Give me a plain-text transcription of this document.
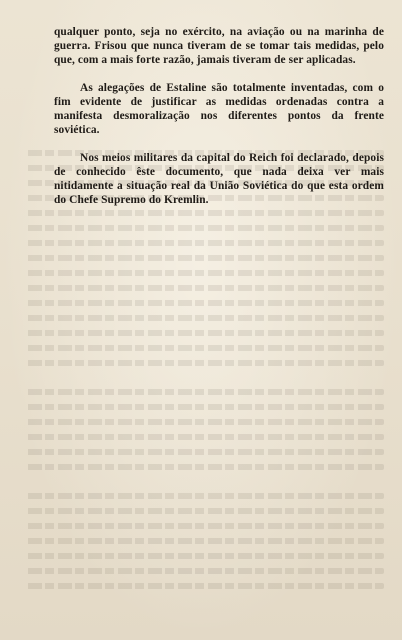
qualquer ponto, seja no exército, na aviação ou na marinha de guerra. Frisou que nunca tiveram de se tomar tais medidas, pelo que, com a mais forte razão, jamais tiveram de ser aplicadas.

As alegações de Estaline são totalmente inventadas, com o fim evidente de justificar as medidas ordenadas contra a manifesta desmoralização nos diferentes pontos da frente soviética.

Nos meios militares da capital do Reich foi declarado, depois de conhecido êste documento, que nada deixa ver mais nitidamente a situação real da União Soviética do que esta ordem do Chefe Supremo do Kremlin.
